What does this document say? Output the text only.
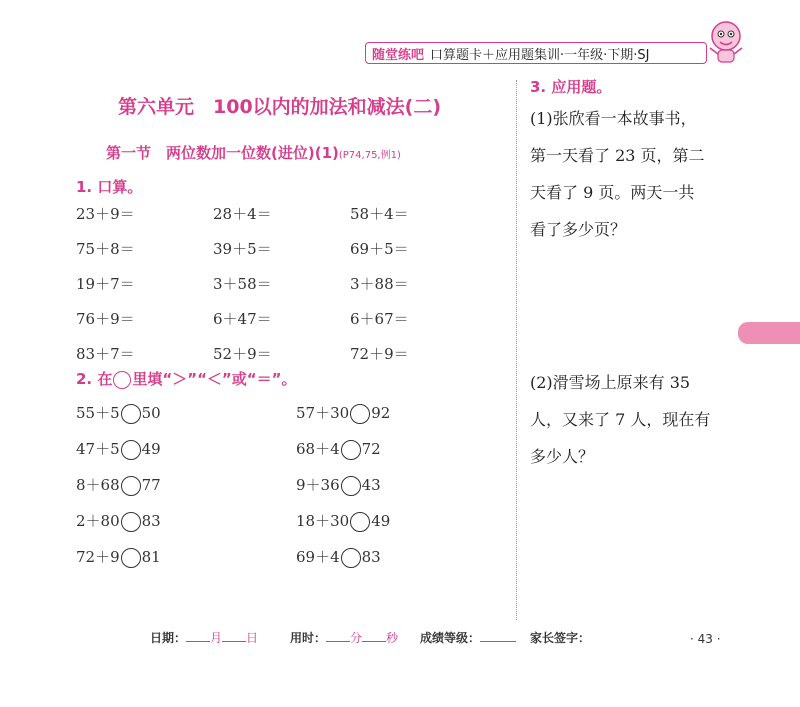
随堂练吧 口算题卡＋应用题集训·一年级·下期·SJ
第六单元　100以内的加法和减法(二)
第一节　两位数加一位数(进位)(1)(P74,75,例1)
1. 口算。
23＋9＝	28＋4＝	58＋4＝
75＋8＝	39＋5＝	69＋5＝
19＋7＝	3＋58＝	3＋88＝
76＋9＝	6＋47＝	6＋67＝
83＋7＝	52＋9＝	72＋9＝
2. 在 里填“＞”“＜”或“＝”。
55＋5 50	57＋30 92
47＋5 49	68＋4 72
8＋68 77	9＋36 43
2＋80 83	18＋30 49
72＋9 81	69＋4 83
3. 应用题。
(1)张欣看一本故事书，
第一天看了 23 页，第二
天看了 9 页。两天一共
看了多少页？
(2)滑雪场上原来有 35
人，又来了 7 人，现在有
多少人？
日期： 月 日	用时： 分 秒 成绩等级：	家长签字：	· 43 ·
